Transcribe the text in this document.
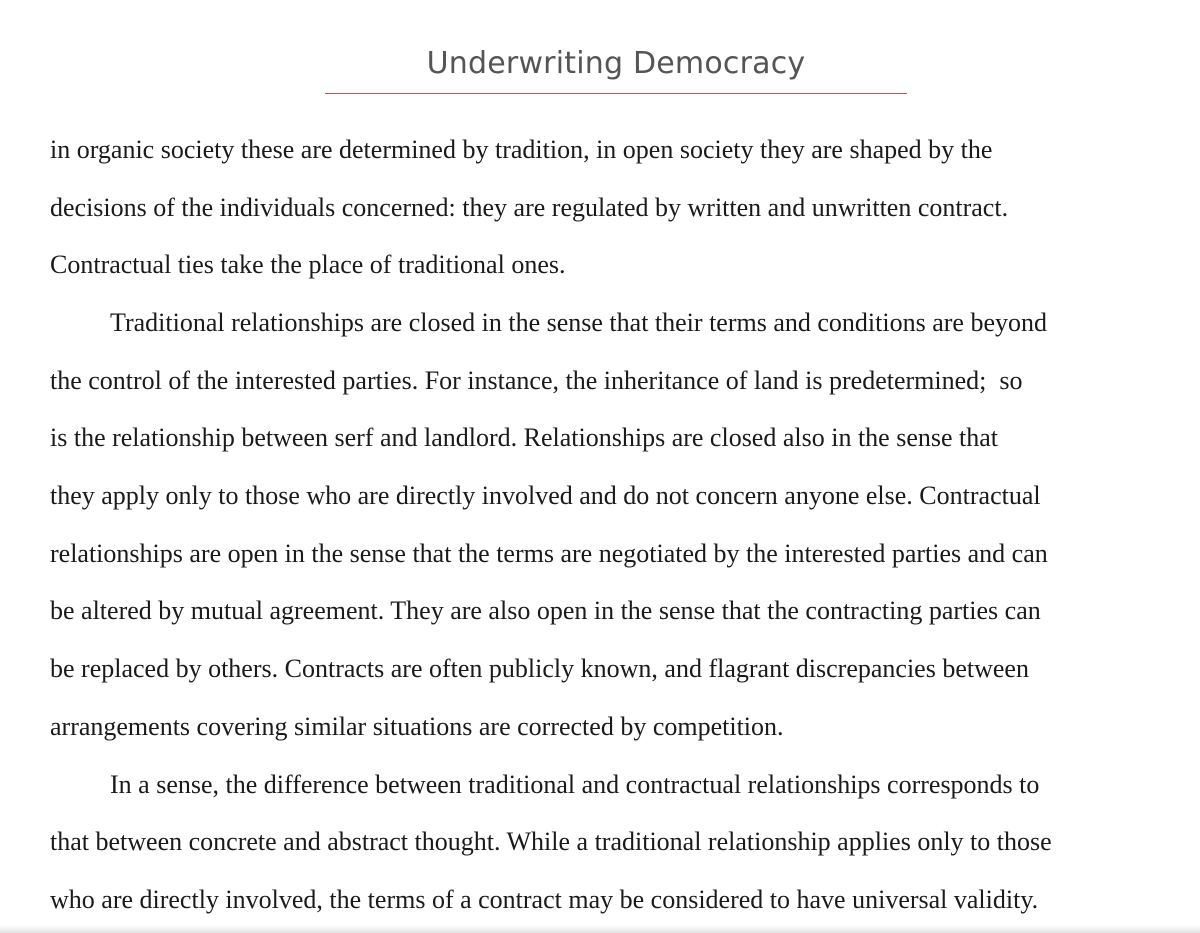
Underwriting Democracy
in organic society these are determined by tradition, in open society they are shaped by the
decisions of the individuals concerned: they are regulated by written and unwritten contract.
Contractual ties take the place of traditional ones.
Traditional relationships are closed in the sense that their terms and conditions are beyond
the control of the interested parties. For instance, the inheritance of land is predetermined;  so
is the relationship between serf and landlord. Relationships are closed also in the sense that
they apply only to those who are directly involved and do not concern anyone else. Contractual
relationships are open in the sense that the terms are negotiated by the interested parties and can
be altered by mutual agreement. They are also open in the sense that the contracting parties can
be replaced by others. Contracts are often publicly known, and flagrant discrepancies between
arrangements covering similar situations are corrected by competition.
In a sense, the difference between traditional and contractual relationships corresponds to
that between concrete and abstract thought. While a traditional relationship applies only to those
who are directly involved, the terms of a contract may be considered to have universal validity.
